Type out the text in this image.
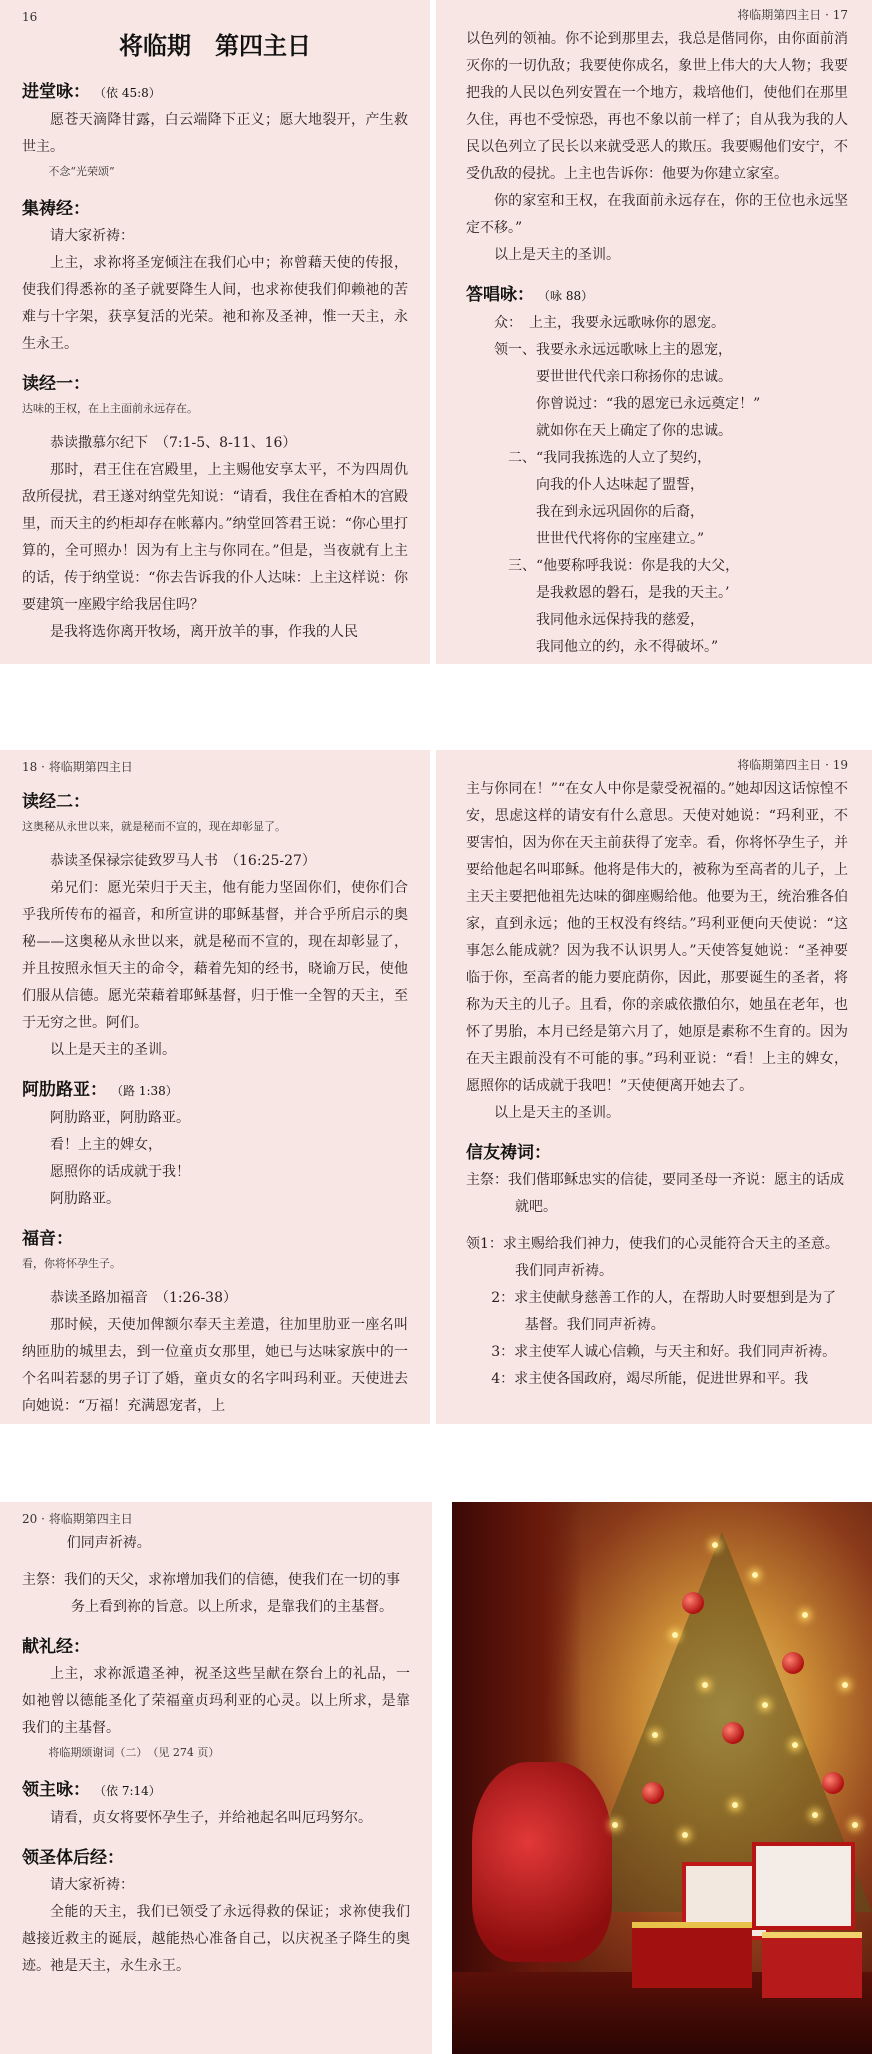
16
将临期　第四主日
进堂咏： （依 45:8）

愿苍天滴降甘露，白云端降下正义；愿大地裂开，产生救世主。

不念“光荣颂”
集祷经：

请大家祈祷：

上主，求祢将圣宠倾注在我们心中；祢曾藉天使的传报，使我们得悉祢的圣子就要降生人间，也求祢使我们仰赖祂的苦难与十字架，获享复活的光荣。祂和祢及圣神，惟一天主，永生永王。

读经一：
达味的王权，在上主面前永远存在。

恭读撒慕尔纪下　（7:1-5、8-11、16）

那时，君王住在宫殿里，上主赐他安享太平，不为四周仇敌所侵扰，君王遂对纳堂先知说：“请看，我住在香柏木的宫殿里，而天主的约柜却存在帐幕内。”纳堂回答君王说：“你心里打算的，全可照办！因为有上主与你同在。”但是，当夜就有上主的话，传于纳堂说：“你去告诉我的仆人达味：上主这样说：你要建筑一座殿宇给我居住吗？

是我将选你离开牧场，离开放羊的事，作我的人民

将临期第四主日 · 17

以色列的领袖。你不论到那里去，我总是偕同你，由你面前消灭你的一切仇敌；我要使你成名，象世上伟大的大人物；我要把我的人民以色列安置在一个地方，栽培他们，使他们在那里久住，再也不受惊恐，再也不象以前一样了；自从我为我的人民以色列立了民长以来就受恶人的欺压。我要赐他们安宁，不受仇敌的侵扰。上主也告诉你：他要为你建立家室。

你的家室和王权，在我面前永远存在，你的王位也永远坚定不移。”

以上是天主的圣训。

答唱咏： （咏 88）
众：　上主，我要永远歌咏你的恩宠。
领一、我要永永远远歌咏上主的恩宠，
要世世代代亲口称扬你的忠诚。
你曾说过：“我的恩宠已永远奠定！”
就如你在天上确定了你的忠诚。
二、“我同我拣选的人立了契约，
向我的仆人达味起了盟誓，
我在到永远巩固你的后裔，
世世代代将你的宝座建立。”
三、“他要称呼我说：你是我的大父，
是我救恩的磐石，是我的天主。’
我同他永远保持我的慈爱，
我同他立的约，永不得破坏。”
18 · 将临期第四主日
读经二：
这奥秘从永世以来，就是秘而不宣的，现在却彰显了。

恭读圣保禄宗徒致罗马人书　（16:25-27）

弟兄们：愿光荣归于天主，他有能力坚固你们，使你们合乎我所传布的福音，和所宣讲的耶稣基督，并合乎所启示的奥秘——这奥秘从永世以来，就是秘而不宣的，现在却彰显了，并且按照永恒天主的命令，藉着先知的经书，晓谕万民，使他们服从信德。愿光荣藉着耶稣基督，归于惟一全智的天主，至于无穷之世。阿们。

以上是天主的圣训。

阿肋路亚： （路 1:38）
阿肋路亚，阿肋路亚。
看！上主的婢女，
愿照你的话成就于我！
阿肋路亚。
福音：
看，你将怀孕生子。

恭读圣路加福音　（1:26-38）

那时候，天使加俾额尔奉天主差遣，往加里肋亚一座名叫纳匝肋的城里去，到一位童贞女那里，她已与达味家族中的一个名叫若瑟的男子订了婚，童贞女的名字叫玛利亚。天使进去向她说：“万福！充满恩宠者，上

将临期第四主日 · 19

主与你同在！”“在女人中你是蒙受祝福的。”她却因这话惊惶不安，思虑这样的请安有什么意思。天使对她说：“玛利亚，不要害怕，因为你在天主前获得了宠幸。看，你将怀孕生子，并要给他起名叫耶稣。他将是伟大的，被称为至高者的儿子，上主天主要把他祖先达味的御座赐给他。他要为王，统治雅各伯家，直到永远；他的王权没有终结。”玛利亚便向天使说：“这事怎么能成就？因为我不认识男人。”天使答复她说：“圣神要临于你，至高者的能力要庇荫你，因此，那要诞生的圣者，将称为天主的儿子。且看，你的亲戚依撒伯尔，她虽在老年，也怀了男胎，本月已经是第六月了，她原是素称不生育的。因为在天主跟前没有不可能的事。”玛利亚说：“看！上主的婢女，愿照你的话成就于我吧！”天使便离开她去了。

以上是天主的圣训。

信友祷词：
主祭：我们偕耶稣忠实的信徒，要同圣母一齐说：愿主的话成就吧。
领1：求主赐给我们神力，使我们的心灵能符合天主的圣意。我们同声祈祷。
2：求主使献身慈善工作的人，在帮助人时要想到是为了基督。我们同声祈祷。
3：求主使军人诚心信赖，与天主和好。我们同声祈祷。
4：求主使各国政府，竭尽所能，促进世界和平。我
20 · 将临期第四主日
们同声祈祷。
主祭：我们的天父，求祢增加我们的信德，使我们在一切的事务上看到祢的旨意。以上所求，是靠我们的主基督。
献礼经：

上主，求祢派遣圣神，祝圣这些呈献在祭台上的礼品，一如祂曾以德能圣化了荣福童贞玛利亚的心灵。以上所求，是靠我们的主基督。

将临期颂谢词（二）　（见 274 页）
领主咏： （依 7:14）

请看，贞女将要怀孕生子，并给祂起名叫厄玛努尔。

领圣体后经：

请大家祈祷：

全能的天主，我们已领受了永远得救的保证；求祢使我们越接近救主的诞辰，越能热心准备自己，以庆祝圣子降生的奥迹。祂是天主，永生永王。
